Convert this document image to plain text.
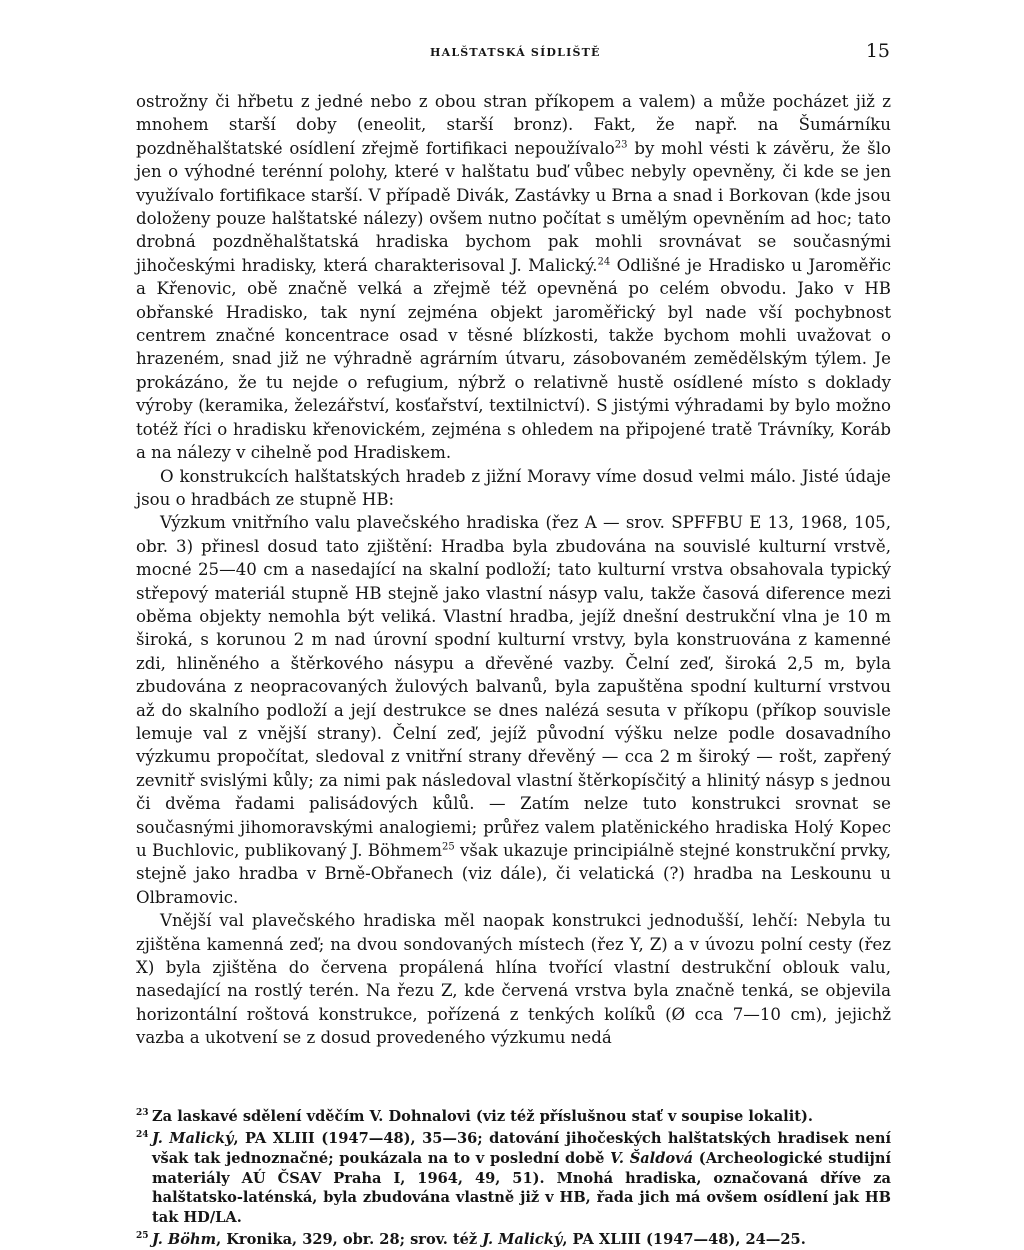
HALŠTATSKÁ SÍDLIŠTĚ	15

ostrožny či hřbetu z jedné nebo z obou stran příkopem a valem) a může pocházet již z mnohem starší doby (eneolit, starší bronz). Fakt, že např. na Šumárníku pozdněhalštatské osídlení zřejmě fortifikaci nepoužívalo$^{23}$ by mohl vésti k závěru, že šlo jen o výhodné terénní polohy, které v halštatu buď vůbec nebyly opevněny, či kde se jen využívalo fortifikace starší. V případě Divák, Zastávky u Brna a snad i Borkovan (kde jsou doloženy pouze halštatské nálezy) ovšem nutno počítat s umělým opevněním ad hoc; tato drobná pozdněhalštatská hradiska bychom pak mohli srovnávat se současnými jihočeskými hradisky, která charakterisoval J. Malický.$^{24}$ Odlišné je Hradisko u Jaroměřic a Křenovic, obě značně velká a zřejmě též opevněná po celém obvodu. Jako v HB obřanské Hradisko, tak nyní zejména objekt jaroměřický byl nade vší pochybnost centrem značné koncentrace osad v těsné blízkosti, takže bychom mohli uvažovat o hrazeném, snad již ne výhradně agrárním útvaru, zásobovaném zemědělským týlem. Je prokázáno, že tu nejde o refugium, nýbrž o relativně hustě osídlené místo s doklady výroby (keramika, železářství, kosťařství, textilnictví). S jistými výhradami by bylo možno totéž říci o hradisku křenovickém, zejména s ohledem na připojené tratě Trávníky, Koráb a na nálezy v cihelně pod Hradiskem.

O konstrukcích halštatských hradeb z jižní Moravy víme dosud velmi málo. Jisté údaje jsou o hradbách ze stupně HB:

Výzkum vnitřního valu plavečského hradiska (řez A — srov. SPFFBU E 13, 1968, 105, obr. 3) přinesl dosud tato zjištění: Hradba byla zbudována na souvislé kulturní vrstvě, mocné 25—40 cm a nasedající na skalní podloží; tato kulturní vrstva obsahovala typický střepový materiál stupně HB stejně jako vlastní násyp valu, takže časová diference mezi oběma objekty nemohla být veliká. Vlastní hradba, jejíž dnešní destrukční vlna je 10 m široká, s korunou 2 m nad úrovní spodní kulturní vrstvy, byla konstruována z kamenné zdi, hliněného a štěrkového násypu a dřevěné vazby. Čelní zeď, široká 2,5 m, byla zbudována z neopracovaných žulových balvanů, byla zapuštěna spodní kulturní vrstvou až do skalního podloží a její destrukce se dnes nalézá sesuta v příkopu (příkop souvisle lemuje val z vnější strany). Čelní zeď, jejíž původní výšku nelze podle dosavadního výzkumu propočítat, sledoval z vnitřní strany dřevěný — cca 2 m široký — rošt, zapřený zevnitř svislými kůly; za nimi pak následoval vlastní štěrkopísčitý a hlinitý násyp s jednou či dvěma řadami palisádových kůlů. — Zatím nelze tuto konstrukci srovnat se současnými jihomoravskými analogiemi; průřez valem platěnického hradiska Holý Kopec u Buchlovic, publikovaný J. Böhmem$^{25}$ však ukazuje principiálně stejné konstrukční prvky, stejně jako hradba v Brně-Obřanech (viz dále), či velatická (?) hradba na Leskounu u Olbramovic.

Vnější val plavečského hradiska měl naopak konstrukci jednodušší, lehčí: Nebyla tu zjištěna kamenná zeď; na dvou sondovaných místech (řez Y, Z) a v úvozu polní cesty (řez X) byla zjištěna do červena propálená hlína tvořící vlastní destrukční oblouk valu, nasedající na rostlý terén. Na řezu Z, kde červená vrstva byla značně tenká, se objevila horizontální roštová konstrukce, pořízená z tenkých kolíků (Ø cca 7—10 cm), jejichž vazba a ukotvení se z dosud provedeného výzkumu nedá

23 Za laskavé sdělení vděčím V. Dohnalovi (viz též příslušnou stať v soupise lokalit).

24 J. Malický, PA XLIII (1947—48), 35—36; datování jihočeských halštatských hradisek není však tak jednoznačné; poukázala na to v poslední době V. Šaldová (Archeologické studijní materiály AÚ ČSAV Praha I, 1964, 49, 51). Mnohá hradiska, označovaná dříve za halštatsko-laténská, byla zbudována vlastně již v HB, řada jich má ovšem osídlení jak HB tak HD/LA.

25 J. Böhm, Kronika, 329, obr. 28; srov. též J. Malický, PA XLIII (1947—48), 24—25.
